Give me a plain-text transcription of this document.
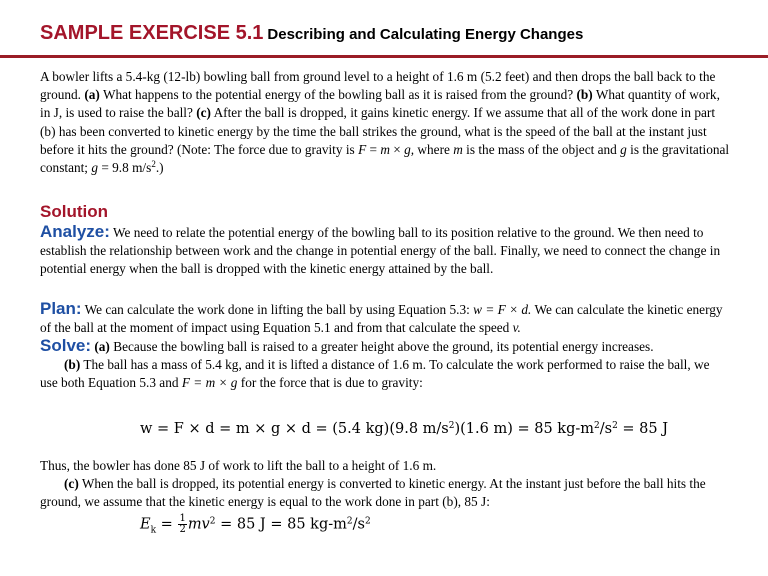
SAMPLE EXERCISE 5.1 Describing and Calculating Energy Changes
A bowler lifts a 5.4-kg (12-lb) bowling ball from ground level to a height of 1.6 m (5.2 feet) and then drops the ball back to the ground. (a) What happens to the potential energy of the bowling ball as it is raised from the ground? (b) What quantity of work, in J, is used to raise the ball? (c) After the ball is dropped, it gains kinetic energy. If we assume that all of the work done in part (b) has been converted to kinetic energy by the time the ball strikes the ground, what is the speed of the ball at the instant just before it hits the ground? (Note: The force due to gravity is F = m × g, where m is the mass of the object and g is the gravitational constant; g = 9.8 $m/s^2$.)
Solution
Analyze: We need to relate the potential energy of the bowling ball to its position relative to the ground. We then need to establish the relationship between work and the change in potential energy of the ball. Finally, we need to connect the change in potential energy when the ball is dropped with the kinetic energy attained by the ball.
Plan: We can calculate the work done in lifting the ball by using Equation 5.3: w = F × d. We can calculate the kinetic energy of the ball at the moment of impact using Equation 5.1 and from that calculate the speed v.
Solve: (a) Because the bowling ball is raised to a greater height above the ground, its potential energy increases.
(b) The ball has a mass of 5.4 kg, and it is lifted a distance of 1.6 m. To calculate the work performed to raise the ball, we use both Equation 5.3 and F = m × g for the force that is due to gravity:
w = F × d = m × g × d = (5.4 kg)(9.8 $m/s^2)(1.6$ m) = 85 $kg-m^2/s^2 = 85$ J
Thus, the bowler has done 85 J of work to lift the ball to a height of 1.6 m.
(c) When the ball is dropped, its potential energy is converted to kinetic energy. At the instant just before the ball hits the ground, we assume that the kinetic energy is equal to the work done in part (b), 85 J:
$E_k = \frac{1}{2} mv^2 = 85$ J = 85 $kg-m^2/s^2$
